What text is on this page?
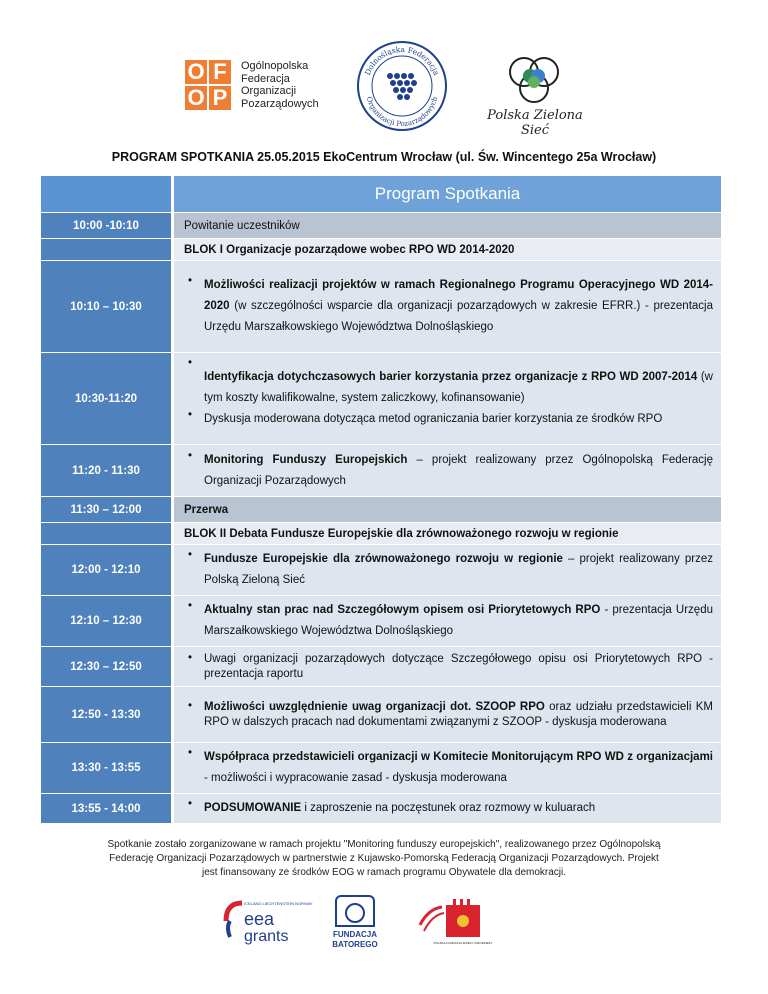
O F
O P
Ogólnopolska
Federacja
Organizacji
Pozarządowych
Dolnośląska Federacja
Organizacji Pozarządowych
Polska Zielona Sieć
PROGRAM SPOTKANIA 25.05.2015 EkoCentrum Wrocław (ul. Św. Wincentego 25a Wrocław)
	Program Spotkania
10:00 -10:10	Powitanie uczestników
	BLOK I Organizacje pozarządowe wobec RPO WD 2014-2020
10:10 – 10:30	• Możliwości realizacji projektów w ramach Regionalnego Programu Operacyjnego WD 2014-2020 (w szczególności wsparcie dla organizacji pozarządowych w zakresie EFRR.) - prezentacja Urzędu Marszałkowskiego Województwa Dolnośląskiego

10:30-11:20	•
Identyfikacja dotychczasowych barier korzystania przez organizacje z RPO WD 2007-2014 (w tym koszty kwalifikowalne, system zaliczkowy, kofinansowanie)
• Dyskusja moderowana dotycząca metod ograniczania barier korzystania ze środków RPO

11:20 - 11:30	• Monitoring Funduszy Europejskich – projekt realizowany przez Ogólnopolską Federację Organizacji Pozarządowych

11:30 – 12:00	Przerwa
	BLOK II Debata Fundusze Europejskie dla zrównoważonego rozwoju w regionie
12:00 - 12:10	• Fundusze Europejskie dla zrównoważonego rozwoju w regionie – projekt realizowany przez Polską Zieloną Sieć

12:10 – 12:30	• Aktualny stan prac nad Szczegółowym opisem osi Priorytetowych RPO - prezentacja Urzędu Marszałkowskiego Województwa Dolnośląskiego

12:30 – 12:50	• Uwagi organizacji pozarządowych dotyczące Szczegółowego opisu osi Priorytetowych RPO - prezentacja raportu

12:50 - 13:30	• Możliwości uwzględnienie uwag organizacji dot. SZOOP RPO oraz udziału przedstawicieli KM RPO w dalszych pracach nad dokumentami związanymi z SZOOP - dyskusja moderowana

13:30 - 13:55	• Współpraca przedstawicieli organizacji w Komitecie Monitorującym RPO WD z organizacjami - możliwości i wypracowanie zasad - dyskusja moderowana

13:55 - 14:00	• PODSUMOWANIE i zaproszenie na poczęstunek oraz rozmowy w kuluarach
Spotkanie zostało zorganizowane w ramach projektu "Monitoring funduszy europejskich", realizowanego przez Ogólnopolską Federację Organizacji Pozarządowych w partnerstwie z Kujawsko-Pomorską Federacją Organizacji Pozarządowych. Projekt jest finansowany ze środków EOG w ramach programu Obywatele dla demokracji.
ICELAND LIECHTENSTEIN NORWAY
eea
grants	FUNDACJA
BATOREGO	POLSKA FUNDACJA DZIECI I MŁODZIEŻY
